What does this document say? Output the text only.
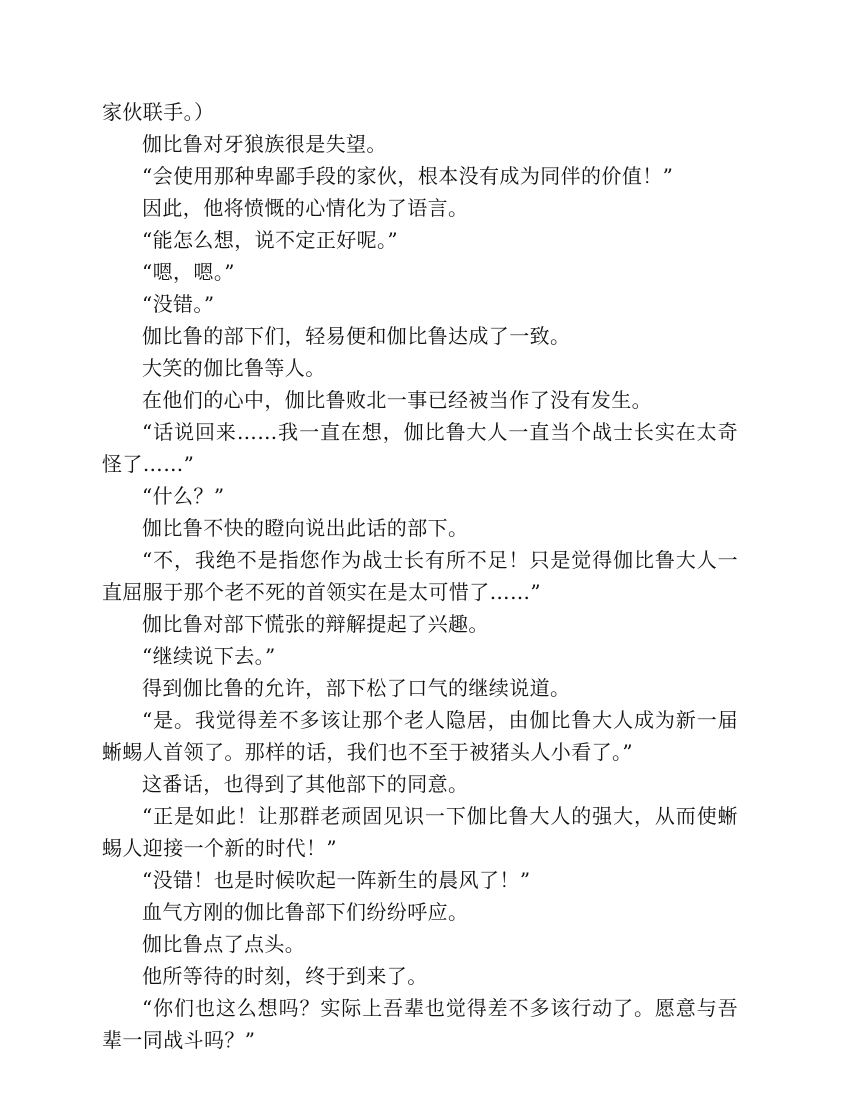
家伙联手。）

伽比鲁对牙狼族很是失望。

“会使用那种卑鄙手段的家伙，根本没有成为同伴的价值！”

因此，他将愤慨的心情化为了语言。

“能怎么想，说不定正好呢。”

“嗯，嗯。”

“没错。”

伽比鲁的部下们，轻易便和伽比鲁达成了一致。

大笑的伽比鲁等人。

在他们的心中，伽比鲁败北一事已经被当作了没有发生。

“话说回来……我一直在想，伽比鲁大人一直当个战士长实在太奇怪了……”

“什么？”

伽比鲁不快的瞪向说出此话的部下。

“不，我绝不是指您作为战士长有所不足！只是觉得伽比鲁大人一直屈服于那个老不死的首领实在是太可惜了……”

伽比鲁对部下慌张的辩解提起了兴趣。

“继续说下去。”

得到伽比鲁的允许，部下松了口气的继续说道。

“是。我觉得差不多该让那个老人隐居，由伽比鲁大人成为新一届蜥蜴人首领了。那样的话，我们也不至于被猪头人小看了。”

这番话，也得到了其他部下的同意。

“正是如此！让那群老顽固见识一下伽比鲁大人的强大，从而使蜥蜴人迎接一个新的时代！”

“没错！也是时候吹起一阵新生的晨风了！”

血气方刚的伽比鲁部下们纷纷呼应。

伽比鲁点了点头。

他所等待的时刻，终于到来了。

“你们也这么想吗？实际上吾辈也觉得差不多该行动了。愿意与吾辈一同战斗吗？”
